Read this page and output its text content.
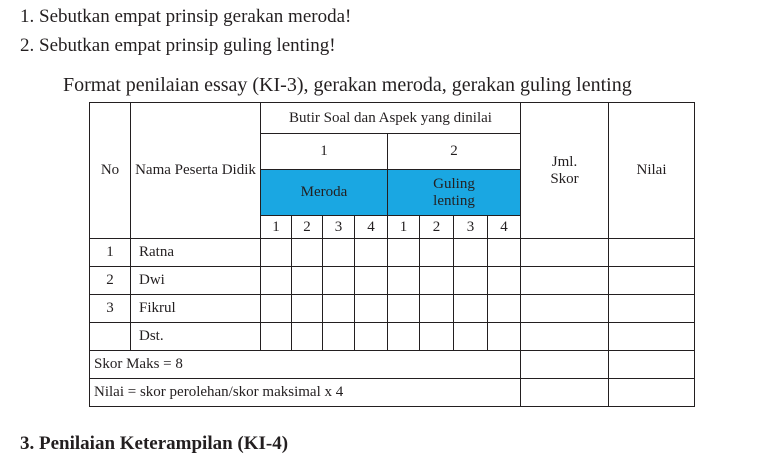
1. Sebutkan empat prinsip gerakan meroda!
2. Sebutkan empat prinsip guling lenting!
Format penilaian essay (KI-3), gerakan meroda, gerakan guling lenting
No	Nama Peserta Didik	Butir Soal dan Aspek yang dinilai								Jml. Skor	Nilai
		1				2					
		Meroda				Guling lenting					
		1	2	3	4	1	2	3	4		
1	Ratna										
2	Dwi										
3	Fikrul										
	Dst.										
Skor Maks = 8											
Nilai = skor perolehan/skor maksimal x 4											
3. Penilaian Keterampilan (KI-4)
